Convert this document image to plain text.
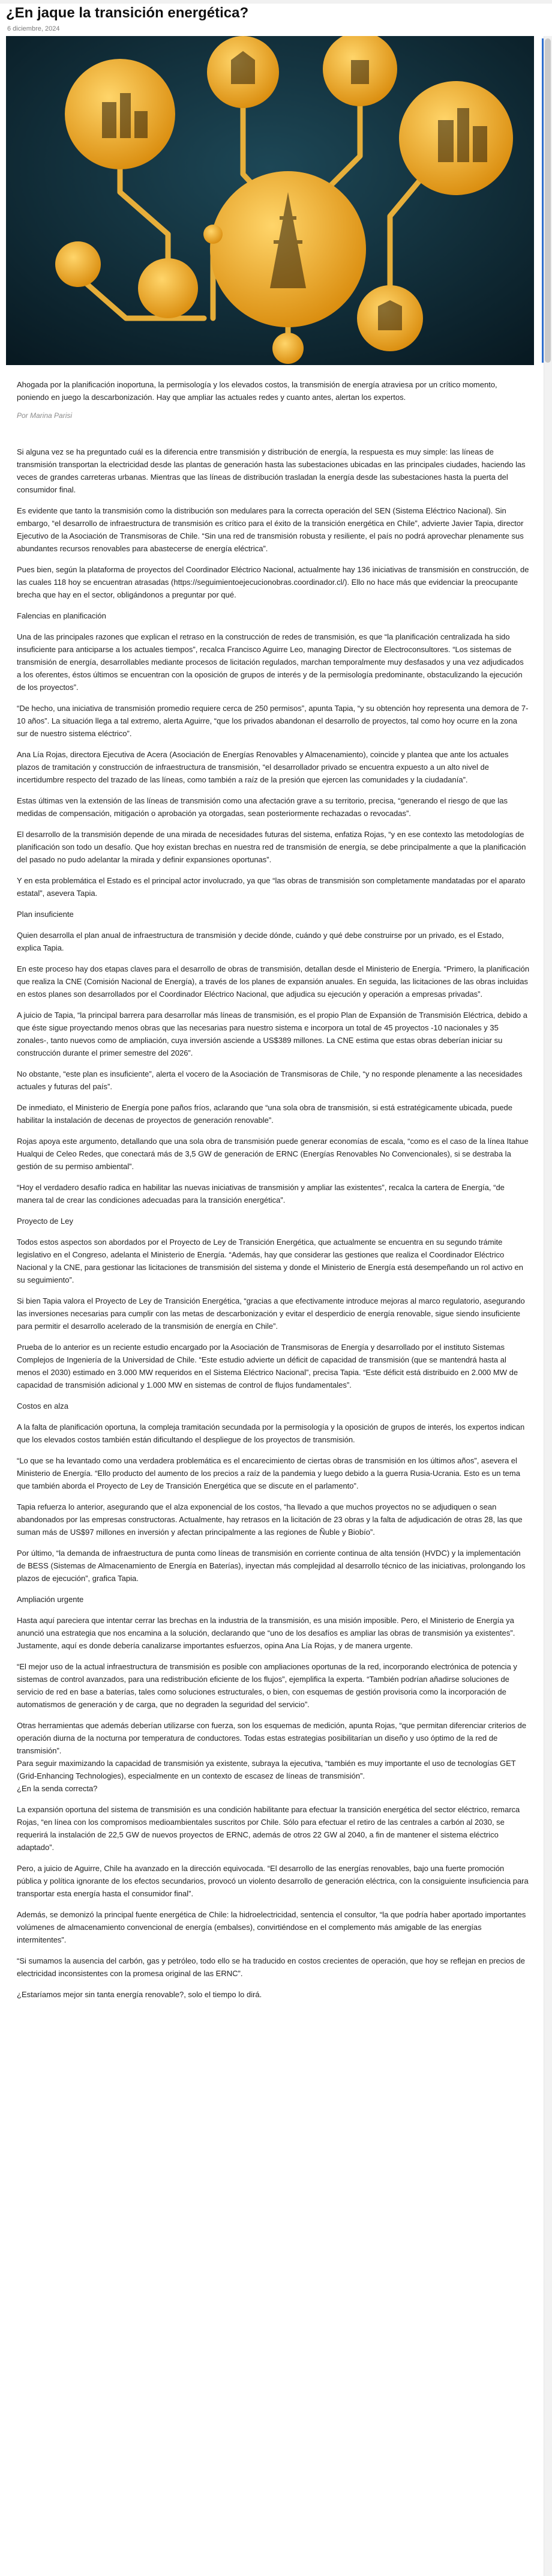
¿En jaque la transición energética?
6 diciembre, 2024

Ahogada por la planificación inoportuna, la permisología y los elevados costos, la transmisión de energía atraviesa por un crítico momento, poniendo en juego la descarbonización. Hay que ampliar las actuales redes y cuanto antes, alertan los expertos.

Por Marina Parisi

Si alguna vez se ha preguntado cuál es la diferencia entre transmisión y distribución de energía, la respuesta es muy simple: las líneas de transmisión transportan la electricidad desde las plantas de generación hasta las subestaciones ubicadas en las principales ciudades, haciendo las veces de grandes carreteras urbanas. Mientras que las líneas de distribución trasladan la energía desde las subestaciones hasta la puerta del consumidor final.

Es evidente que tanto la transmisión como la distribución son medulares para la correcta operación del SEN (Sistema Eléctrico Nacional). Sin embargo, “el desarrollo de infraestructura de transmisión es crítico para el éxito de la transición energética en Chile”, advierte Javier Tapia, director Ejecutivo de la Asociación de Transmisoras de Chile. “Sin una red de transmisión robusta y resiliente, el país no podrá aprovechar plenamente sus abundantes recursos renovables para abastecerse de energía eléctrica”.

Pues bien, según la plataforma de proyectos del Coordinador Eléctrico Nacional, actualmente hay 136 iniciativas de transmisión en construcción, de las cuales 118 hoy se encuentran atrasadas (https://seguimientoejecucionobras.coordinador.cl/). Ello no hace más que evidenciar la preocupante brecha que hay en el sector, obligándonos a preguntar por qué.

Falencias en planificación

Una de las principales razones que explican el retraso en la construcción de redes de transmisión, es que “la planificación centralizada ha sido insuficiente para anticiparse a los actuales tiempos”, recalca Francisco Aguirre Leo, managing Director de Electroconsultores. “Los sistemas de transmisión de energía, desarrollables mediante procesos de licitación regulados, marchan temporalmente muy desfasados y una vez adjudicados a los oferentes, éstos últimos se encuentran con la oposición de grupos de interés y de la permisología predominante, obstaculizando la ejecución de los proyectos”.

“De hecho, una iniciativa de transmisión promedio requiere cerca de 250 permisos”, apunta Tapia, “y su obtención hoy representa una demora de 7-10 años”. La situación llega a tal extremo, alerta Aguirre, “que los privados abandonan el desarrollo de proyectos, tal como hoy ocurre en la zona sur de nuestro sistema eléctrico”.

Ana Lía Rojas, directora Ejecutiva de Acera (Asociación de Energías Renovables y Almacenamiento), coincide y plantea que ante los actuales plazos de tramitación y construcción de infraestructura de transmisión, “el desarrollador privado se encuentra expuesto a un alto nivel de incertidumbre respecto del trazado de las líneas, como también a raíz de la presión que ejercen las comunidades y la ciudadanía”.

Estas últimas ven la extensión de las líneas de transmisión como una afectación grave a su territorio, precisa, “generando el riesgo de que las medidas de compensación, mitigación o aprobación ya otorgadas, sean posteriormente rechazadas o revocadas”.

El desarrollo de la transmisión depende de una mirada de necesidades futuras del sistema, enfatiza Rojas, “y en ese contexto las metodologías de planificación son todo un desafío. Que hoy existan brechas en nuestra red de transmisión de energía, se debe principalmente a que la planificación del pasado no pudo adelantar la mirada y definir expansiones oportunas”.

Y en esta problemática el Estado es el principal actor involucrado, ya que “las obras de transmisión son completamente mandatadas por el aparato estatal”, asevera Tapia.

Plan insuficiente

Quien desarrolla el plan anual de infraestructura de transmisión y decide dónde, cuándo y qué debe construirse por un privado, es el Estado, explica Tapia.

En este proceso hay dos etapas claves para el desarrollo de obras de transmisión, detallan desde el Ministerio de Energía. “Primero, la planificación que realiza la CNE (Comisión Nacional de Energía), a través de los planes de expansión anuales. En seguida, las licitaciones de las obras incluidas en estos planes son desarrollados por el Coordinador Eléctrico Nacional, que adjudica su ejecución y operación a empresas privadas”.

A juicio de Tapia, “la principal barrera para desarrollar más líneas de transmisión, es el propio Plan de Expansión de Transmisión Eléctrica, debido a que éste sigue proyectando menos obras que las necesarias para nuestro sistema e incorpora un total de 45 proyectos -10 nacionales y 35 zonales-, tanto nuevos como de ampliación, cuya inversión asciende a US$389 millones. La CNE estima que estas obras deberían iniciar su construcción durante el primer semestre del 2026”.

No obstante, “este plan es insuficiente”, alerta el vocero de la Asociación de Transmisoras de Chile, “y no responde plenamente a las necesidades actuales y futuras del país”.

De inmediato, el Ministerio de Energía pone paños fríos, aclarando que “una sola obra de transmisión, si está estratégicamente ubicada, puede habilitar la instalación de decenas de proyectos de generación renovable”.

Rojas apoya este argumento, detallando que una sola obra de transmisión puede generar economías de escala, “como es el caso de la línea Itahue Hualqui de Celeo Redes, que conectará más de 3,5 GW de generación de ERNC (Energías Renovables No Convencionales), si se destraba la gestión de su permiso ambiental”.

“Hoy el verdadero desafío radica en habilitar las nuevas iniciativas de transmisión y ampliar las existentes”, recalca la cartera de Energía, “de manera tal de crear las condiciones adecuadas para la transición energética”.

Proyecto de Ley

Todos estos aspectos son abordados por el Proyecto de Ley de Transición Energética, que actualmente se encuentra en su segundo trámite legislativo en el Congreso, adelanta el Ministerio de Energía. “Además, hay que considerar las gestiones que realiza el Coordinador Eléctrico Nacional y la CNE, para gestionar las licitaciones de transmisión del sistema y donde el Ministerio de Energía está desempeñando un rol activo en su seguimiento”.

Si bien Tapia valora el Proyecto de Ley de Transición Energética, “gracias a que efectivamente introduce mejoras al marco regulatorio, asegurando las inversiones necesarias para cumplir con las metas de descarbonización y evitar el desperdicio de energía renovable, sigue siendo insuficiente para permitir el desarrollo acelerado de la transmisión de energía en Chile”.

Prueba de lo anterior es un reciente estudio encargado por la Asociación de Transmisoras de Energía y desarrollado por el instituto Sistemas Complejos de Ingeniería de la Universidad de Chile. “Este estudio advierte un déficit de capacidad de transmisión (que se mantendrá hasta al menos el 2030) estimado en 3.000 MW requeridos en el Sistema Eléctrico Nacional”, precisa Tapia. “Este déficit está distribuido en 2.000 MW de capacidad de transmisión adicional y 1.000 MW en sistemas de control de flujos fundamentales”.

Costos en alza

A la falta de planificación oportuna, la compleja tramitación secundada por la permisología y la oposición de grupos de interés, los expertos indican que los elevados costos también están dificultando el despliegue de los proyectos de transmisión.

“Lo que se ha levantado como una verdadera problemática es el encarecimiento de ciertas obras de transmisión en los últimos años”, asevera el Ministerio de Energía. “Ello producto del aumento de los precios a raíz de la pandemia y luego debido a la guerra Rusia-Ucrania. Esto es un tema que también aborda el Proyecto de Ley de Transición Energética que se discute en el parlamento”.

Tapia refuerza lo anterior, asegurando que el alza exponencial de los costos, “ha llevado a que muchos proyectos no se adjudiquen o sean abandonados por las empresas constructoras. Actualmente, hay retrasos en la licitación de 23 obras y la falta de adjudicación de otras 28, las que suman más de US$97 millones en inversión y afectan principalmente a las regiones de Ñuble y Biobío”.

Por último, “la demanda de infraestructura de punta como líneas de transmisión en corriente continua de alta tensión (HVDC) y la implementación de BESS (Sistemas de Almacenamiento de Energía en Baterías), inyectan más complejidad al desarrollo técnico de las iniciativas, prolongando los plazos de ejecución”, grafica Tapia.

Ampliación urgente

Hasta aquí pareciera que intentar cerrar las brechas en la industria de la transmisión, es una misión imposible. Pero, el Ministerio de Energía ya anunció una estrategia que nos encamina a la solución, declarando que “uno de los desafíos es ampliar las obras de transmisión ya existentes”. Justamente, aquí es donde debería canalizarse importantes esfuerzos, opina Ana Lía Rojas, y de manera urgente.

“El mejor uso de la actual infraestructura de transmisión es posible con ampliaciones oportunas de la red, incorporando electrónica de potencia y sistemas de control avanzados, para una redistribución eficiente de los flujos”, ejemplifica la experta. “También podrían añadirse soluciones de servicio de red en base a baterías, tales como soluciones estructurales, o bien, con esquemas de gestión provisoria como la incorporación de automatismos de generación y de carga, que no degraden la seguridad del servicio”.

Otras herramientas que además deberían utilizarse con fuerza, son los esquemas de medición, apunta Rojas, “que permitan diferenciar criterios de operación diurna de la nocturna por temperatura de conductores. Todas estas estrategias posibilitarían un diseño y uso óptimo de la red de transmisión”.
Para seguir maximizando la capacidad de transmisión ya existente, subraya la ejecutiva, “también es muy importante el uso de tecnologías GET (Grid-Enhancing Technologies), especialmente en un contexto de escasez de líneas de transmisión”.
¿En la senda correcta?

La expansión oportuna del sistema de transmisión es una condición habilitante para efectuar la transición energética del sector eléctrico, remarca Rojas, “en línea con los compromisos medioambientales suscritos por Chile. Sólo para efectuar el retiro de las centrales a carbón al 2030, se requerirá la instalación de 22,5 GW de nuevos proyectos de ERNC, además de otros 22 GW al 2040, a fin de mantener el sistema eléctrico adaptado”.

Pero, a juicio de Aguirre, Chile ha avanzado en la dirección equivocada. “El desarrollo de las energías renovables, bajo una fuerte promoción pública y política ignorante de los efectos secundarios, provocó un violento desarrollo de generación eléctrica, con la consiguiente insuficiencia para transportar esta energía hasta el consumidor final”.

Además, se demonizó la principal fuente energética de Chile: la hidroelectricidad, sentencia el consultor, “la que podría haber aportado importantes volúmenes de almacenamiento convencional de energía (embalses), convirtiéndose en el complemento más amigable de las energías intermitentes”.

“Si sumamos la ausencia del carbón, gas y petróleo, todo ello se ha traducido en costos crecientes de operación, que hoy se reflejan en precios de electricidad inconsistentes con la promesa original de las ERNC”.

¿Estaríamos mejor sin tanta energía renovable?, solo el tiempo lo dirá.
